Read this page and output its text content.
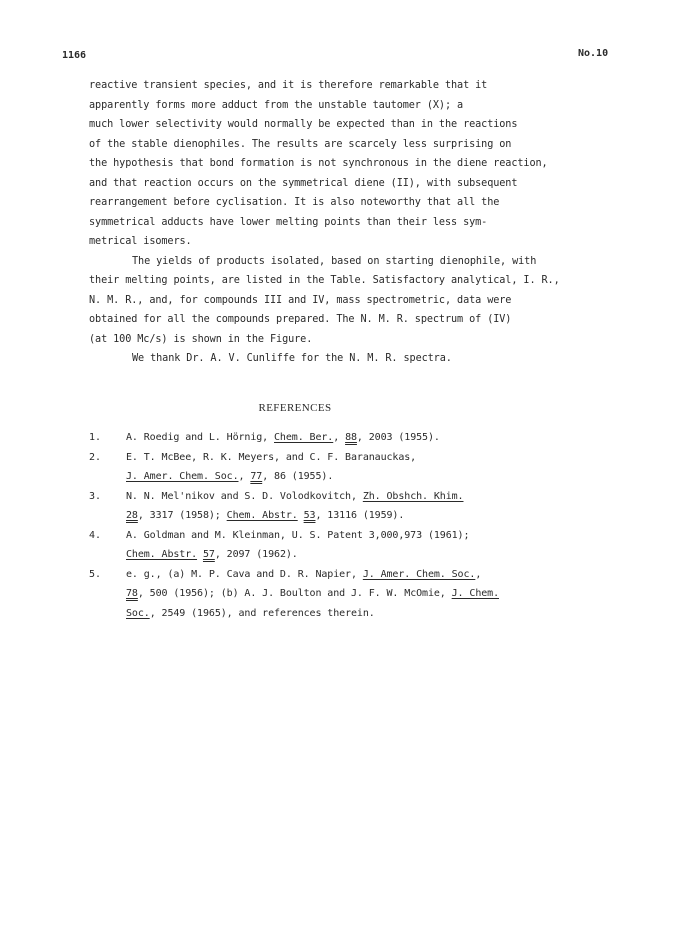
1166	No.10
reactive transient species, and it is therefore remarkable that it
apparently forms more adduct from the unstable tautomer (X); a
much lower selectivity would normally be expected than in the reactions
of the stable dienophiles. The results are scarcely less surprising on
the hypothesis that bond formation is not synchronous in the diene reaction,
and that reaction occurs on the symmetrical diene (II), with subsequent
rearrangement before cyclisation. It is also noteworthy that all the
symmetrical adducts have lower melting points than their less sym-
metrical isomers.
The yields of products isolated, based on starting dienophile, with
their melting points, are listed in the Table. Satisfactory analytical, I. R.,
N. M. R., and, for compounds III and IV, mass spectrometric, data were
obtained for all the compounds prepared. The N. M. R. spectrum of (IV)
(at 100 Mc/s) is shown in the Figure.
We thank Dr. A. V. Cunliffe for the N. M. R. spectra.
REFERENCES
1. A. Roedig and L. Hörnig, Chem. Ber., 88, 2003 (1955).
2. E. T. McBee, R. K. Meyers, and C. F. Baranauckas,
J. Amer. Chem. Soc., 77, 86 (1955).
3. N. N. Mel'nikov and S. D. Volodkovitch, Zh. Obshch. Khim.
28, 3317 (1958); Chem. Abstr. 53, 13116 (1959).
4. A. Goldman and M. Kleinman, U. S. Patent 3,000,973 (1961);
Chem. Abstr. 57, 2097 (1962).
5. e. g., (a) M. P. Cava and D. R. Napier, J. Amer. Chem. Soc.,
78, 500 (1956); (b) A. J. Boulton and J. F. W. McOmie, J. Chem.
Soc., 2549 (1965), and references therein.
